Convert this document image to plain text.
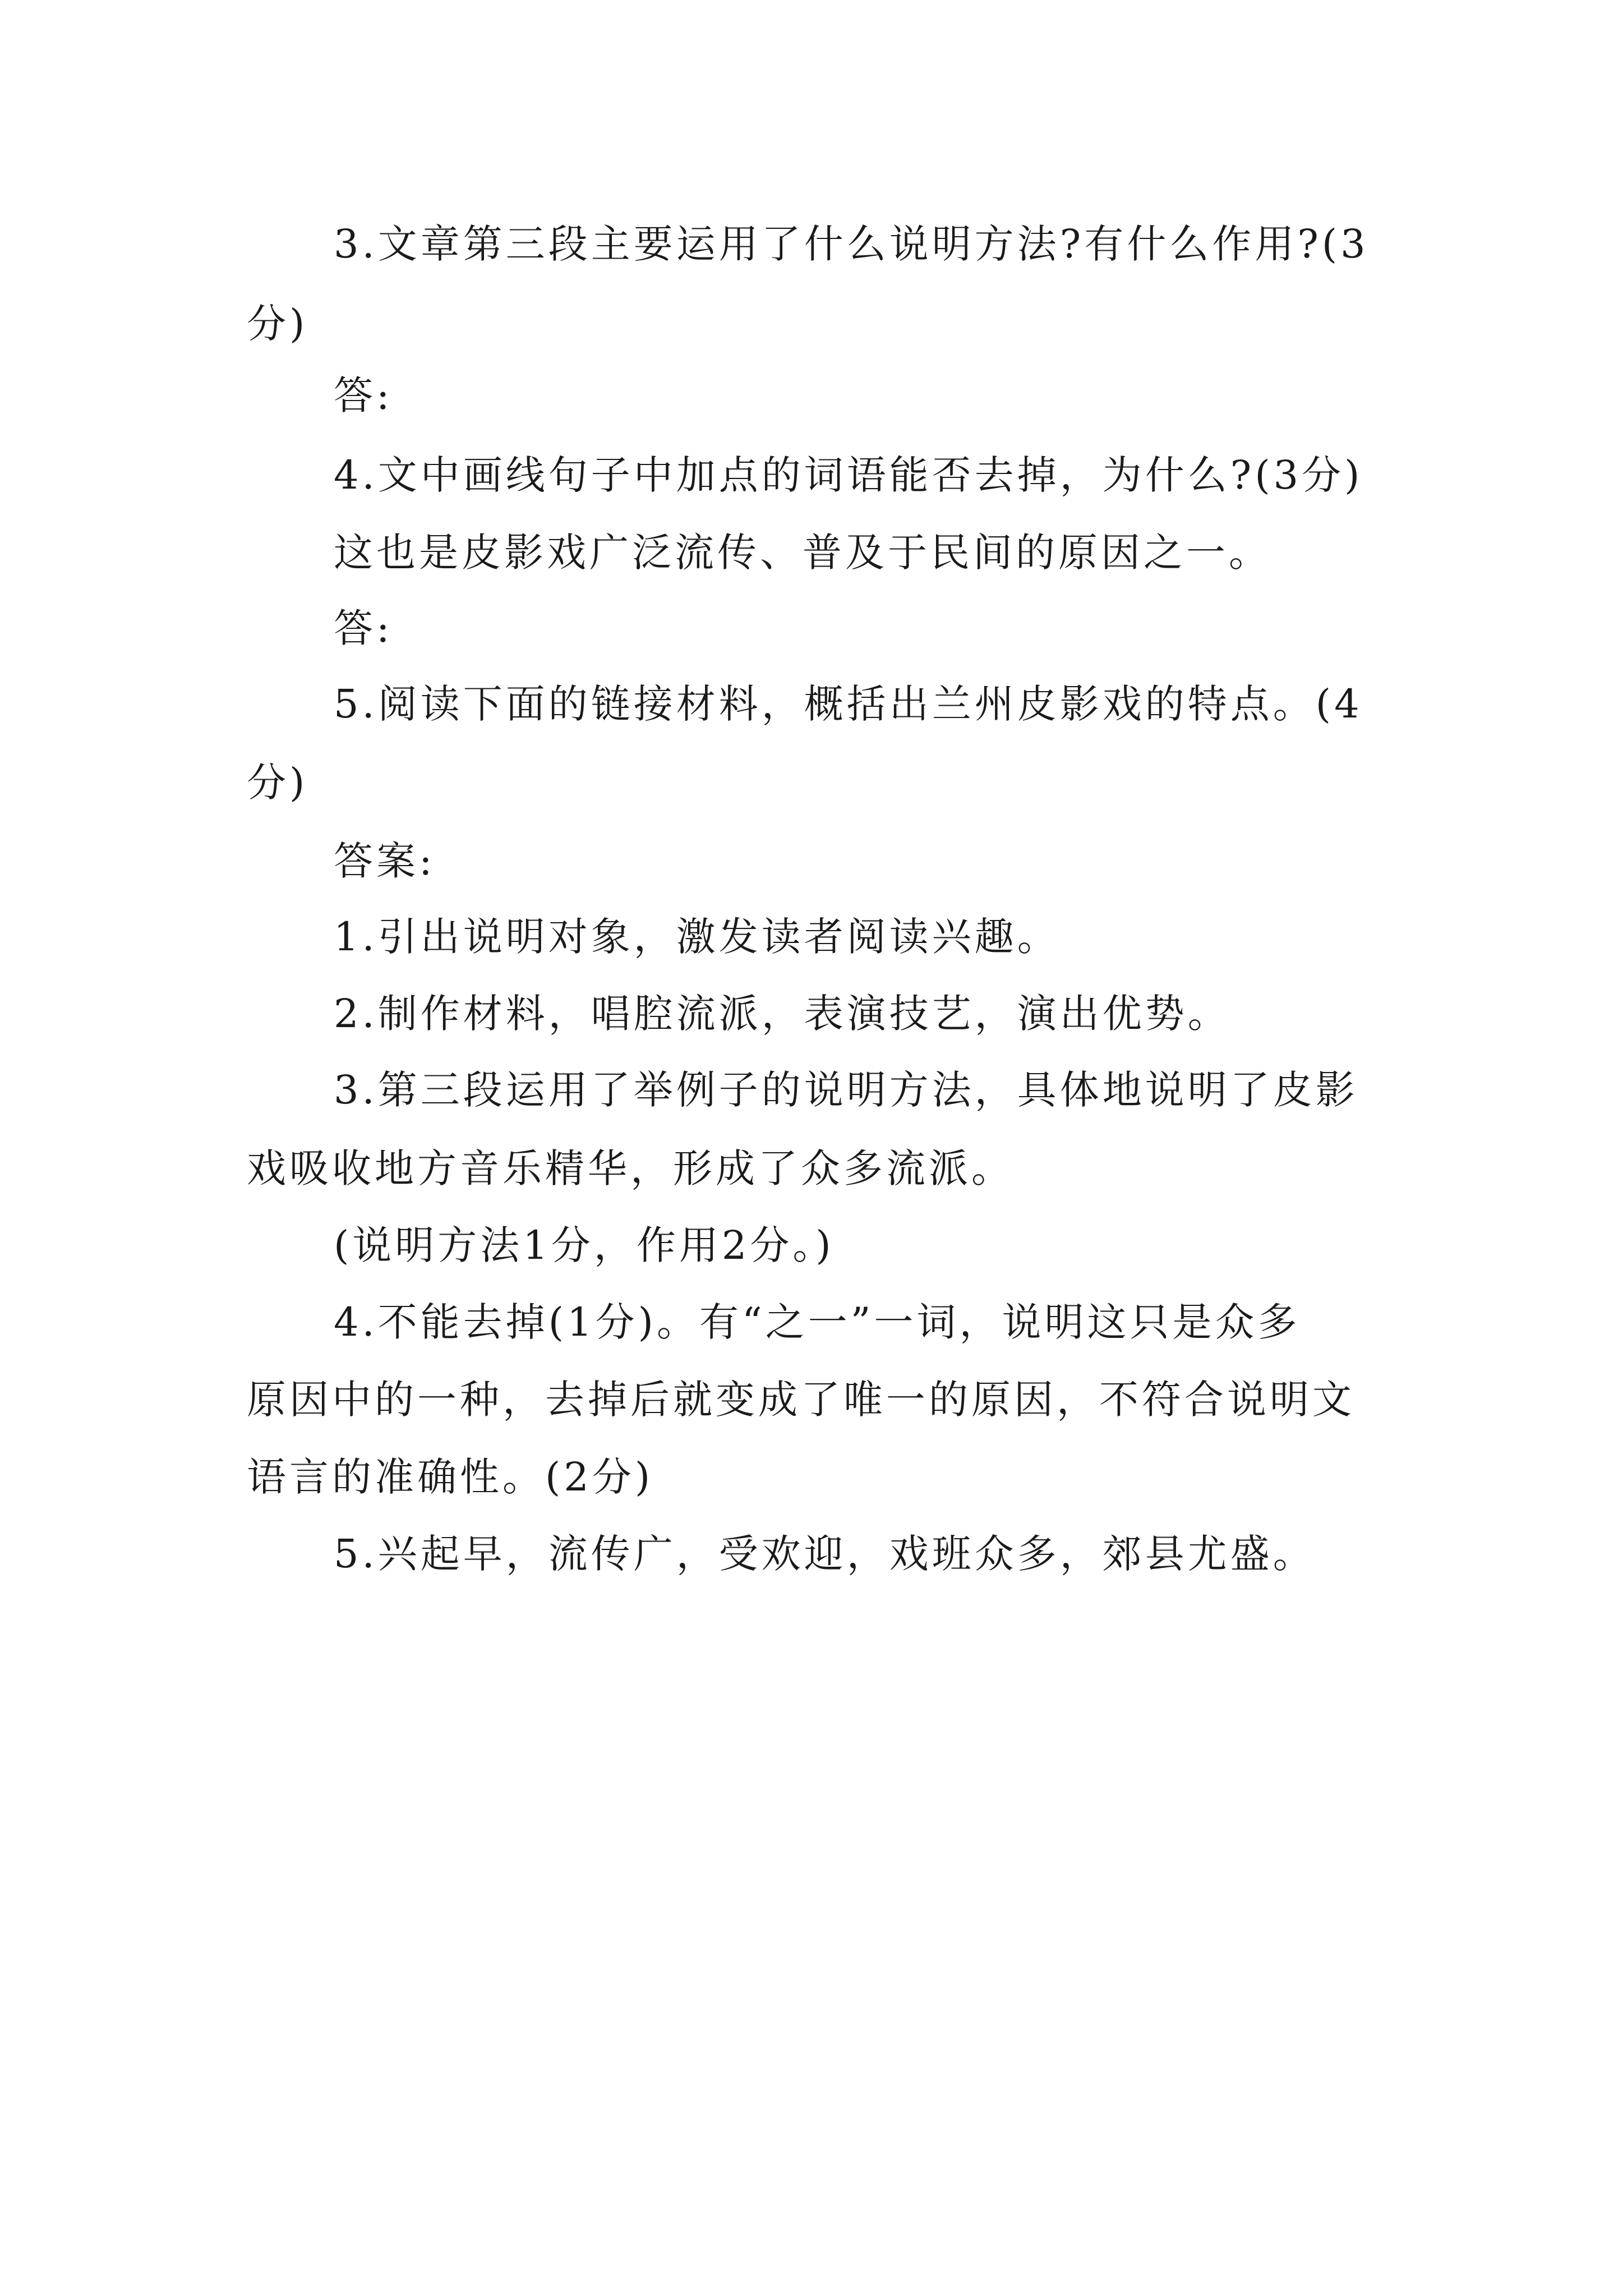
3.文章第三段主要运用了什么说明方法?有什么作用?(3
分)
答:
4.文中画线句子中加点的词语能否去掉，为什么?(3分)
这也是皮影戏广泛流传、普及于民间的原因之一。
答:
5.阅读下面的链接材料，概括出兰州皮影戏的特点。(4
分)
答案:
1.引出说明对象，激发读者阅读兴趣。
2.制作材料，唱腔流派，表演技艺，演出优势。
3.第三段运用了举例子的说明方法，具体地说明了皮影
戏吸收地方音乐精华，形成了众多流派。
(说明方法1分，作用2分。)
4.不能去掉(1分)。有“之一”一词，说明这只是众多
原因中的一种，去掉后就变成了唯一的原因，不符合说明文
语言的准确性。(2分)
5.兴起早，流传广，受欢迎，戏班众多，郊县尤盛。
